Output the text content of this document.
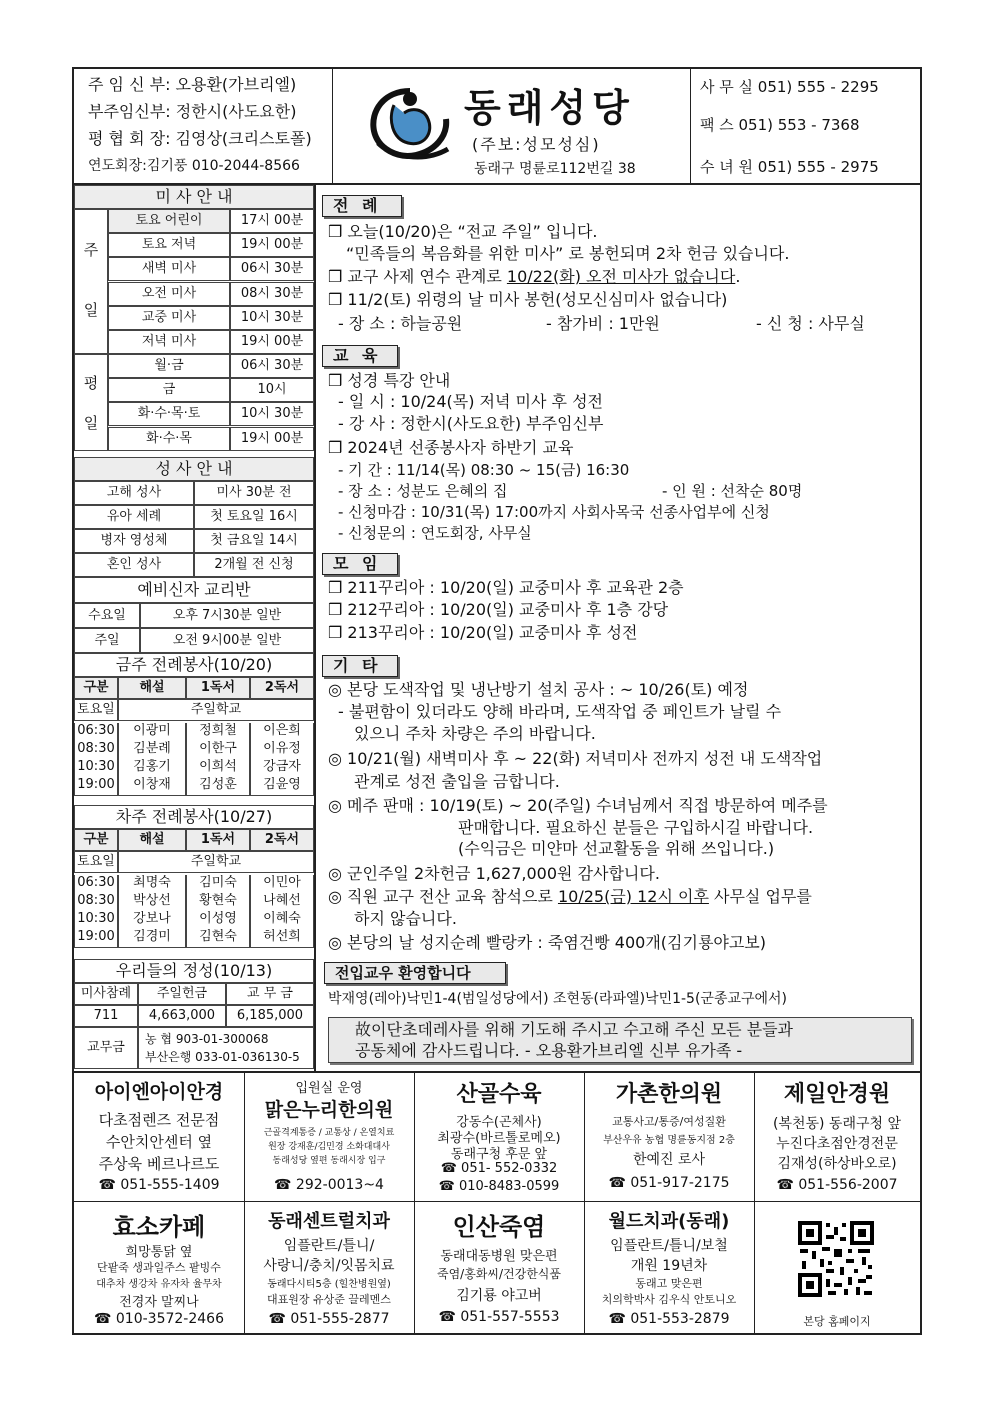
주 임 신 부: 오용환(가브리엘)
부주임신부: 정한시(사도요한)
평 협 회 장: 김영상(크리스토폴)
연도회장:김기풍 010-2044-8566
동래성당
(주보:성모성심)
동래구 명륜로112번길 38
사 무 실 051) 555 - 2295
팩 스 051) 553 - 7368
수 녀 원 051) 555 - 2975
미 사 안 내
주일
평일
토요 어린이	17시 00분
토요 저녁	19시 00분
새벽 미사	06시 30분
오전 미사	08시 30분
교중 미사	10시 30분
저녁 미사	19시 00분
월·금	06시 30분
금	10시
화·수·목·토	10시 30분
화·수·목	19시 00분
성 사 안 내
고해 성사	미사 30분 전
유아 세례	첫 토요일 16시
병자 영성체	첫 금요일 14시
혼인 성사	2개월 전 신청
예비신자 교리반
수요일	오후 7시30분 일반
주일	오전 9시00분 일반
금주 전례봉사(10/20)
구분	해설	1독서	2독서
토요일	주일학교
06:30	이광미	정희철	이은희
08:30	김분례	이한구	이유정
10:30	김홍기	이희석	강금자
19:00	이창재	김성훈	김윤영
차주 전례봉사(10/27)
구분	해설	1독서	2독서
토요일	주일학교
06:30	최명숙	김미숙	이민아
08:30	박상선	황현숙	나혜선
10:30	강보나	이성영	이혜숙
19:00	김경미	김현숙	허선희
우리들의 정성(10/13)
미사참례	주일헌금	교 무 금
711	4,663,000	6,185,000
교무금
농 협 903-01-300068
부산은행 033-01-036130-5
전 례
❒ 오늘(10/20)은 “전교 주일” 입니다.
“민족들의 복음화를 위한 미사” 로 봉헌되며 2차 헌금 있습니다.
❒ 교구 사제 연수 관계로 10/22(화) 오전 미사가 없습니다.
❒ 11/2(토) 위령의 날 미사 봉헌(성모신심미사 없습니다)
- 장 소 : 하늘공원	- 참가비 : 1만원	- 신 청 : 사무실
교 육
❒ 성경 특강 안내
- 일 시 : 10/24(목) 저녁 미사 후 성전
- 강 사 : 정한시(사도요한) 부주임신부
❒ 2024년 선종봉사자 하반기 교육
- 기 간 : 11/14(목) 08:30 ~ 15(금) 16:30
- 장 소 : 성분도 은혜의 집	- 인 원 : 선착순 80명
- 신청마감 : 10/31(목) 17:00까지 사회사목국 선종사업부에 신청
- 신청문의 : 연도회장, 사무실
모 임
❒ 211꾸리아 : 10/20(일) 교중미사 후 교육관 2층
❒ 212꾸리아 : 10/20(일) 교중미사 후 1층 강당
❒ 213꾸리아 : 10/20(일) 교중미사 후 성전
기 타
◎ 본당 도색작업 및 냉난방기 설치 공사 : ~ 10/26(토) 예정
- 불편함이 있더라도 양해 바라며, 도색작업 중 페인트가 날릴 수
있으니 주차 차량은 주의 바랍니다.
◎ 10/21(월) 새벽미사 후 ~ 22(화) 저녁미사 전까지 성전 내 도색작업
관계로 성전 출입을 금합니다.
◎ 메주 판매 : 10/19(토) ~ 20(주일) 수녀님께서 직접 방문하여 메주를
판매합니다. 필요하신 분들은 구입하시길 바랍니다.
(수익금은 미얀마 선교활동을 위해 쓰입니다.)
◎ 군인주일 2차헌금 1,627,000원 감사합니다.
◎ 직원 교구 전산 교육 참석으로 10/25(금) 12시 이후 사무실 업무를
하지 않습니다.
◎ 본당의 날 성지순례 빨랑카 : 죽염건빵 400개(김기룡야고보)
전입교우 환영합니다
박재영(레아)낙민1-4(범일성당에서) 조현동(라파엘)낙민1-5(군종교구에서)
故이단초데레사를 위해 기도해 주시고 수고해 주신 모든 분들과
공동체에 감사드립니다. - 오용환가브리엘 신부 유가족 -
아이엔아이안경
다초점렌즈 전문점
수안치안센터 옆
주상욱 베르나르도
☎ 051-555-1409
입원실 운영
맑은누리한의원
근골격계통증 / 교통상 / 온열치료
원장 강재훈/김민경 소화대대사
동래성당 옆편 동래시장 입구
☎ 292-0013~4
산골수육
강동수(곤체사)
최광수(바르톨로메오)
동래구청 후문 앞
☎ 051- 552-0332
☎ 010-8483-0599
가촌한의원
교통사고/통증/여성질환
부산우유 농협 명륜동지점 2층
한예진 로사
☎ 051-917-2175
제일안경원
(복천동) 동래구청 앞
누진다초점안경전문
김재성(하상바오로)
☎ 051-556-2007
효소카페
희망통닭 옆
단팥죽 생과일주스 팥빙수
대추차 생강차 유자차 율무차
전경자 말찌나
☎ 010-3572-2466
동래센트럴치과
임플란트/틀니/
사랑니/충치/잇몸치료
동래다시티5층 (힐찬병원옆)
대표원장 유상준 끌레멘스
☎ 051-555-2877
인산죽염
동래대동병원 맞은편
죽염/홍화씨/건강한식품
김기룡 야고버
☎ 051-557-5553
월드치과(동래)
임플란트/틀니/보철
개원 19년차
동래고 맞은편
치의학박사 김우식 안토니오
☎ 051-553-2879	본당 홈페이지
